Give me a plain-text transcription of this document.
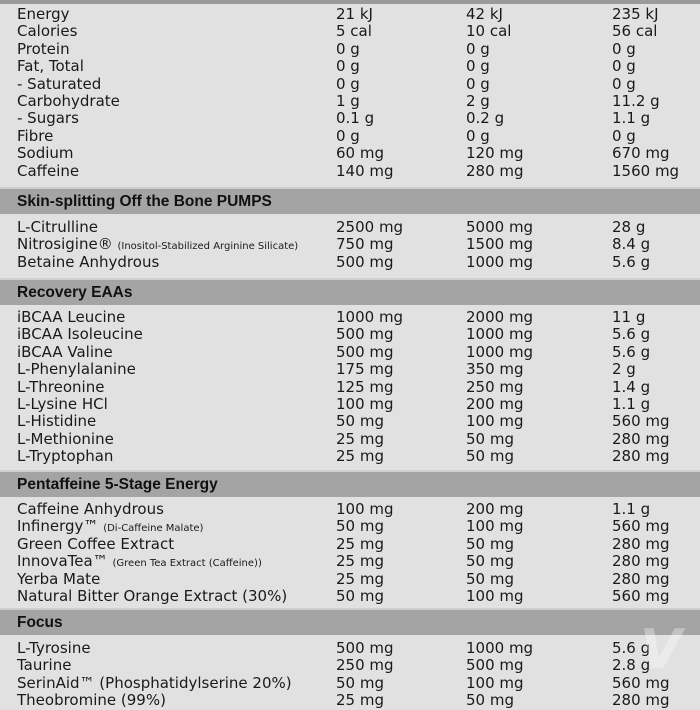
Energy	21 kJ	42 kJ	235 kJ
Calories	5 cal	10 cal	56 cal
Protein	0 g	0 g	0 g
Fat, Total	0 g	0 g	0 g
- Saturated	0 g	0 g	0 g
Carbohydrate	1 g	2 g	11.2 g
- Sugars	0.1 g	0.2 g	1.1 g
Fibre	0 g	0 g	0 g
Sodium	60 mg	120 mg	670 mg
Caffeine	140 mg	280 mg	1560 mg
Skin-splitting Off the Bone PUMPS
L-Citrulline	2500 mg	5000 mg	28 g
Nitrosigine® (Inositol-Stabilized Arginine Silicate)	750 mg	1500 mg	8.4 g
Betaine Anhydrous	500 mg	1000 mg	5.6 g
Recovery EAAs
iBCAA Leucine	1000 mg	2000 mg	11 g
iBCAA Isoleucine	500 mg	1000 mg	5.6 g
iBCAA Valine	500 mg	1000 mg	5.6 g
L-Phenylalanine	175 mg	350 mg	2 g
L-Threonine	125 mg	250 mg	1.4 g
L-Lysine HCl	100 mg	200 mg	1.1 g
L-Histidine	50 mg	100 mg	560 mg
L-Methionine	25 mg	50 mg	280 mg
L-Tryptophan	25 mg	50 mg	280 mg
Pentaffeine 5-Stage Energy
Caffeine Anhydrous	100 mg	200 mg	1.1 g
Infinergy™ (Di-Caffeine Malate)	50 mg	100 mg	560 mg
Green Coffee Extract	25 mg	50 mg	280 mg
InnovaTea™ (Green Tea Extract (Caffeine))	25 mg	50 mg	280 mg
Yerba Mate	25 mg	50 mg	280 mg
Natural Bitter Orange Extract (30%)	50 mg	100 mg	560 mg
Focus
L-Tyrosine	500 mg	1000 mg	5.6 g
Taurine	250 mg	500 mg	2.8 g
SerinAid™ (Phosphatidylserine 20%)	50 mg	100 mg	560 mg
Theobromine (99%)	25 mg	50 mg	280 mg
V
